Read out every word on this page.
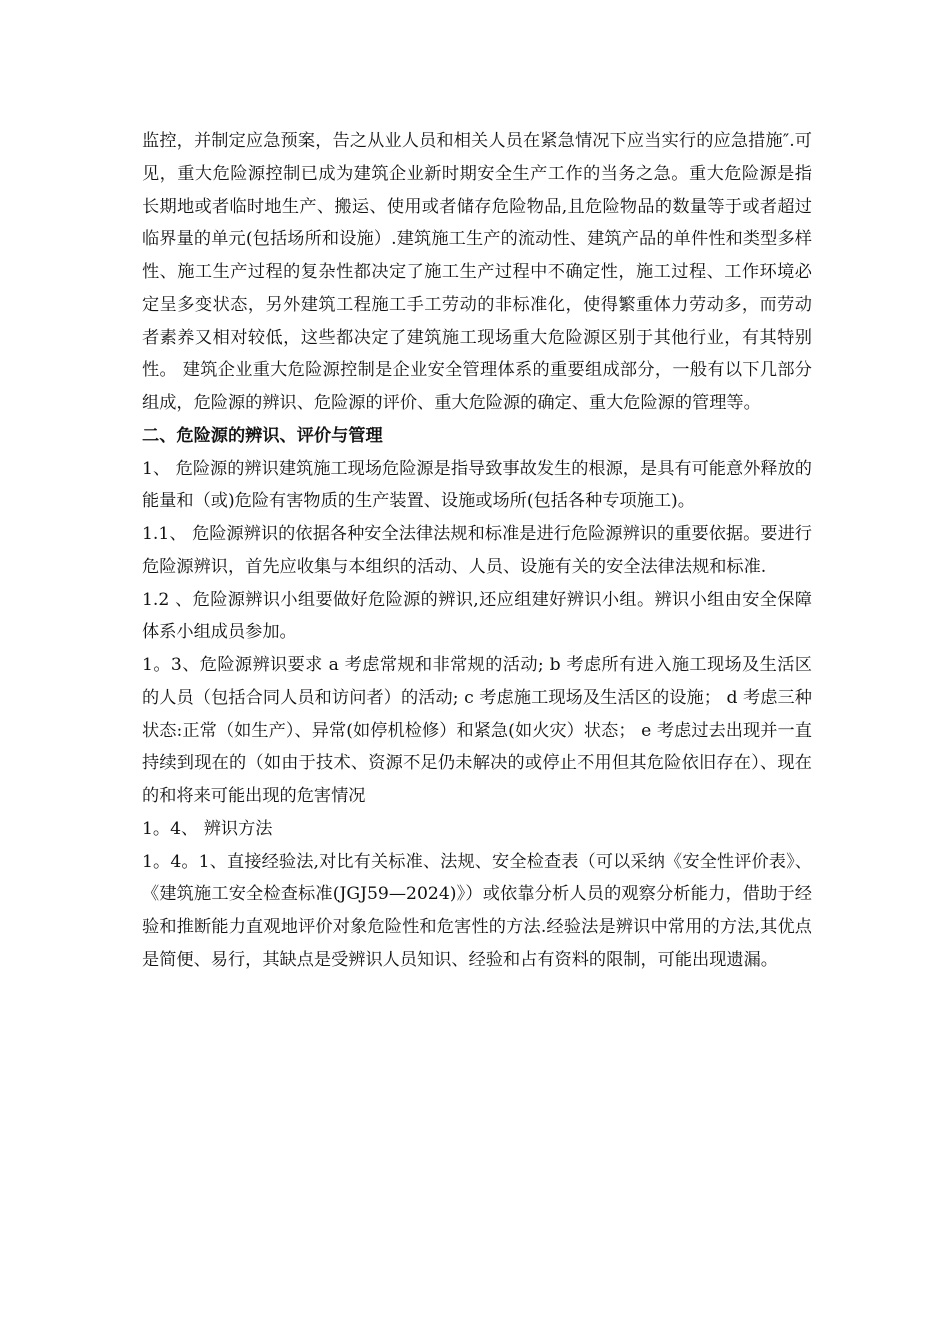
监控，并制定应急预案，告之从业人员和相关人员在紧急情况下应当实行的应急措施″.可见，重大危险源控制已成为建筑企业新时期安全生产工作的当务之急。重大危险源是指长期地或者临时地生产、搬运、使用或者储存危险物品,且危险物品的数量等于或者超过临界量的单元(包括场所和设施）.建筑施工生产的流动性、建筑产品的单件性和类型多样性、施工生产过程的复杂性都决定了施工生产过程中不确定性，施工过程、工作环境必定呈多变状态，另外建筑工程施工手工劳动的非标准化，使得繁重体力劳动多，而劳动者素养又相对较低，这些都决定了建筑施工现场重大危险源区别于其他行业，有其特别性。 建筑企业重大危险源控制是企业安全管理体系的重要组成部分，一般有以下几部分组成，危险源的辨识、危险源的评价、重大危险源的确定、重大危险源的管理等。

二、危险源的辨识、评价与管理

1、 危险源的辨识建筑施工现场危险源是指导致事故发生的根源，是具有可能意外释放的能量和（或)危险有害物质的生产装置、设施或场所(包括各种专项施工)。

1.1、 危险源辨识的依据各种安全法律法规和标准是进行危险源辨识的重要依据。要进行危险源辨识，首先应收集与本组织的活动、人员、设施有关的安全法律法规和标准.

1.2 、危险源辨识小组要做好危险源的辨识,还应组建好辨识小组。辨识小组由安全保障体系小组成员参加。

1。3、危险源辨识要求 a 考虑常规和非常规的活动; b 考虑所有进入施工现场及生活区的人员（包括合同人员和访问者）的活动; c 考虑施工现场及生活区的设施； d 考虑三种状态:正常（如生产）、异常(如停机检修）和紧急(如火灾）状态； e 考虑过去出现并一直持续到现在的（如由于技术、资源不足仍未解决的或停止不用但其危险依旧存在）、现在的和将来可能出现的危害情况

1。4、 辨识方法

1。4。1、直接经验法,对比有关标准、法规、安全检查表（可以采纳《安全性评价表》、《建筑施工安全检查标准(JGJ59—2024)》）或依靠分析人员的观察分析能力，借助于经验和推断能力直观地评价对象危险性和危害性的方法.经验法是辨识中常用的方法,其优点是简便、易行，其缺点是受辨识人员知识、经验和占有资料的限制，可能出现遗漏。
